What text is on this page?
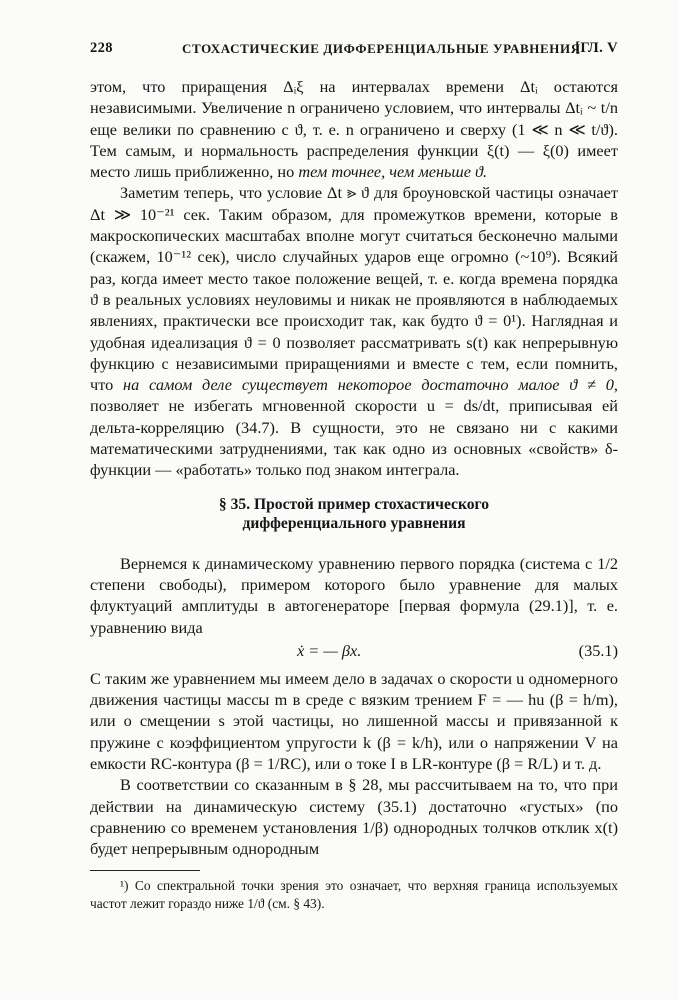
228	СТОХАСТИЧЕСКИЕ ДИФФЕРЕНЦИАЛЬНЫЕ УРАВНЕНИЯ
[ГЛ. V

этом, что приращения Δᵢξ на интервалах времени Δtᵢ остаются независимыми. Увеличение n ограничено условием, что интервалы Δtᵢ ~ t/n еще велики по сравнению с ϑ, т. е. n ограничено и сверху (1 ≪ n ≪ t/ϑ). Тем самым, и нормальность распределения функции ξ(t) — ξ(0) имеет место лишь приближенно, но тем точнее, чем меньше ϑ.

Заметим теперь, что условие Δt ⪢ ϑ для броуновской частицы означает Δt ≫ 10⁻²¹ сек. Таким образом, для промежутков времени, которые в макроскопических масштабах вполне могут считаться бесконечно малыми (скажем, 10⁻¹² сек), число случайных ударов еще огромно (~10⁹). Всякий раз, когда имеет место такое положение вещей, т. е. когда времена порядка ϑ в реальных условиях неуловимы и никак не проявляются в наблюдаемых явлениях, практически все происходит так, как будто ϑ = 0¹). Наглядная и удобная идеализация ϑ = 0 позволяет рассматривать s(t) как непрерывную функцию с независимыми приращениями и вместе с тем, если помнить, что на самом деле существует некоторое достаточно малое ϑ ≠ 0, позволяет не избегать мгновенной скорости u = ds/dt, приписывая ей дельта-корреляцию (34.7). В сущности, это не связано ни с какими математическими затруднениями, так как одно из основных «свойств» δ-функции — «работать» только под знаком интеграла.

§ 35. Простой пример стохастического
дифференциального уравнения

Вернемся к динамическому уравнению первого порядка (система с 1/2 степени свободы), примером которого было уравнение для малых флуктуаций амплитуды в автогенераторе [первая формула (29.1)], т. е. уравнению вида

ẋ = — βx.	(35.1)

С таким же уравнением мы имеем дело в задачах о скорости u одномерного движения частицы массы m в среде с вязким трением F = — hu (β = h/m), или о смещении s этой частицы, но лишенной массы и привязанной к пружине с коэффициентом упругости k (β = k/h), или о напряжении V на емкости RC-контура (β = 1/RC), или о токе I в LR-контуре (β = R/L) и т. д.

В соответствии со сказанным в § 28, мы рассчитываем на то, что при действии на динамическую систему (35.1) достаточно «густых» (по сравнению со временем установления 1/β) однородных толчков отклик x(t) будет непрерывным однородным

¹) Со спектральной точки зрения это означает, что верхняя граница используемых частот лежит гораздо ниже 1/ϑ (см. § 43).
